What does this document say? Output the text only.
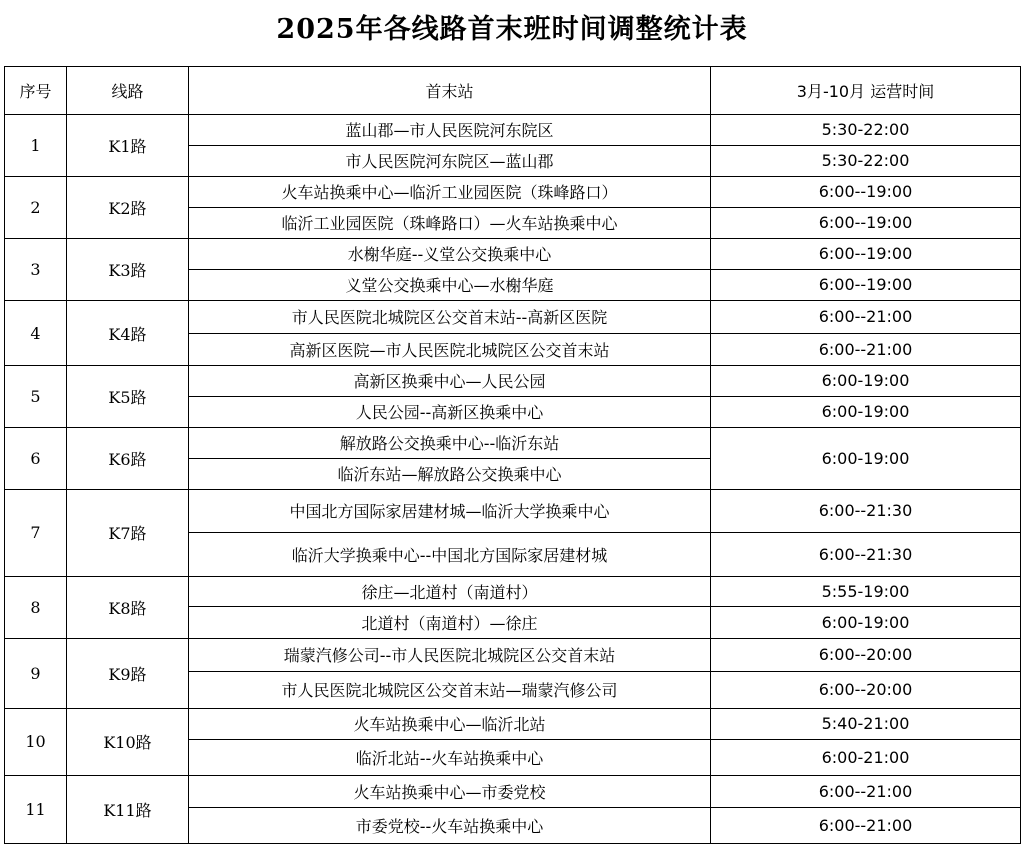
2025年各线路首末班时间调整统计表
序号	线路	首末站	3月-10月 运营时间
1	K1路	蓝山郡—市人民医院河东院区	5:30-22:00
		市人民医院河东院区—蓝山郡	5:30-22:00
2	K2路	火车站换乘中心—临沂工业园医院（珠峰路口）	6:00--19:00
		临沂工业园医院（珠峰路口）—火车站换乘中心	6:00--19:00
3	K3路	水榭华庭--义堂公交换乘中心	6:00--19:00
		义堂公交换乘中心—水榭华庭	6:00--19:00
4	K4路	市人民医院北城院区公交首末站--高新区医院	6:00--21:00
		高新区医院—市人民医院北城院区公交首末站	6:00--21:00
5	K5路	高新区换乘中心—人民公园	6:00-19:00
		人民公园--高新区换乘中心	6:00-19:00
6	K6路	解放路公交换乘中心--临沂东站	6:00-19:00
		临沂东站—解放路公交换乘中心	
7	K7路	中国北方国际家居建材城—临沂大学换乘中心	6:00--21:30
		临沂大学换乘中心--中国北方国际家居建材城	6:00--21:30
8	K8路	徐庄—北道村（南道村）	5:55-19:00
		北道村（南道村）—徐庄	6:00-19:00
9	K9路	瑞蒙汽修公司--市人民医院北城院区公交首末站	6:00--20:00
		市人民医院北城院区公交首末站—瑞蒙汽修公司	6:00--20:00
10	K10路	火车站换乘中心—临沂北站	5:40-21:00
		临沂北站--火车站换乘中心	6:00-21:00
11	K11路	火车站换乘中心—市委党校	6:00--21:00
		市委党校--火车站换乘中心	6:00--21:00
